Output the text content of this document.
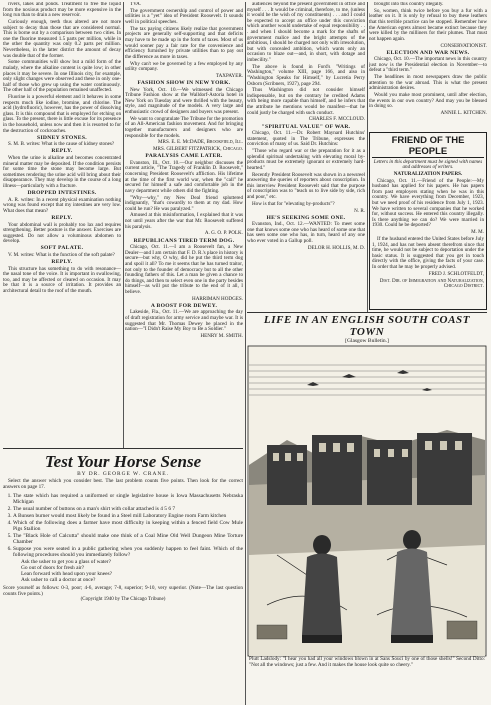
rivers, lakes and ponds. Treatment to free the liquid from the noxious product may be more expensive in the long run than to drain a new reservoir.

Curiously enough, teeth thus altered are not more subject to decay than those that are considered normal. This is borne out by a comparison between two cities. In one the fluorine measured 1.5 parts per million, while in the other the quantity was only 0.2 parts per million. Nevertheless, in the latter district the amount of decay was double that of the former.

Some communities will show but a mild form of the malady, where the alkaline content is quite low; in other places it may be severe. In one Illinois city, for example, only slight changes were observed and these in only one-half of those who grew up using the water continuously. The other half of the population remained unaffected.

Fluorine is a powerful element and it behaves in some respects much like iodine, bromine, and chlorine. The acid (hydrofluoric), however, has the power of dissolving glass. It is this compound that is employed for etching on glass. To the present, there is little excuse for its presence in the household, unless now and then it is resorted to for the destruction of cockroaches.

SIDNEY STONES.

S. M. B. writes: What is the cause of kidney stones?

REPLY.

When the urine is alkaline and becomes concentrated mineral matter may be deposited. If the condition persists for some time the stone may become large. But sometimes rendering the urine acid will bring about their disappearance. They may develop in the course of a long illness—particularly with a fracture.

DROPPED INTESTINES.

A. R. writes: In a recent physical examination nothing wrong was found except that my intestines are very low. What does that mean?

REPLY.

Your abdominal wall is probably too lax and requires strengthening. Better posture is the answer. Exercises are suggested. Do not allow a voluminous abdomen to develop.

SOFT PALATE.

V. M. writes: What is the function of the soft palate?

REPLY.

This structure has something to do with resonance—the nasal tone of the voice. It is important in swallowing, too, and may be affected or cleared on occasion. It may be that it is a source of irritation. It provides an architectural detail to the roof of the mouth.

TVA.

The government ownership and control of power and utilities is a "yet" idea of President Roosevelt. It sounds well in political speeches.

The tax paying citizens likely realize that government projects are generally self-supporting and that deficits may have to be made up in the form of taxes. Most of us would sooner pay a fair rate for the convenience and efficiency furnished by private utilities than to pay out the difference as more in taxes.

Why can't we be governed by a few employed by any utility company.

TAXPAYER.

FASHION SHOW IN NEW YORK.

New York, Oct. 10.—We witnessed the Chicago Tribune Fashion show at the Walldorf-Astoria hotel in New York on Tuesday and were thrilled with the beauty, style, and magnitude of the models. A very large and enthusiastic crowd of designers and buyers was present.

We want to congratulate The Tribune for the promotion of an All-American fashion movement. And for bringing together manufacturers and designers who are responsible for the models.

MRS. E. E. McDADE, Brookfield, Ill.

MRS. GILBERT FITZPATRICK, Chicago.

PARALYSIS CAME LATER.

Evanston, Ill., Oct. 10.—Our neighbor discusses the current article, "The Tragedy of Franklin D. Roosevelt," concerning President Roosevelt's affliction. His lifetime at the time of the first world war, when the "call" he secured for himself a safe and comfortable job in the navy department while others did the fighting.

"Why—why," my New Deal friend spluttered indignantly, "that's cowardly to them at my dad. How could he run? He was paralyzed."

Amused at this misinformation, I explained that it was not until years after the war that Mr. Roosevelt suffered his paralysis.

A. G. O. P. POLK.

REPUBLICANS TIRED TERM DOG.

Chicago, Oct. 11.—I am a Roosevelt fan, a New Dealer—and I am certain that F. D. R.'s place in history is secure—but why, O why, did he put the third term dog and spoil it all? To me it seems that he has turned traitor, not only to the founder of democracy but to all the other founding fathers of this. Let a man be given a chance to do things, and then to select even one in the party besides himself—as will put the tribute to the end of it all, I believe.

HARRIMAN HODGES.

A BOOST FOR DEWEY.

Lakeside, Fla., Oct. 11.—We are approaching the day of draft registration for army service and maybe war. It is suggested that Mr. Thomas Dewey be placed in the nation—"I Didn't Raise My Boy to Be a Soldier."

HENRY M. SMITH.

audiences beyond the present government in office and myself . . . It would be criminal, therefore, to me, (unless it would be the wish of my constituents) . . . and I could be expected to accept an office under this conviction which another would undertake of equal responsibility . . . and when I should become a mark for the shafts of government malice and the bright attempts of the ambitious, I should be charged not only with irresolution, but with concealed ambition, which wants only an occasion to blaze out—and, in short, with dotage and imbecility."

The above is found in Ford's "Writings of Washington," volume XIII, page 166, and also in "Washington Speaks for Himself," by Lucretia Perry Osborn (Scribners, 1927), page 294.

Thus Washington did not consider himself indispensable, but on the contrary he credited Adams with being more capable than himself, and he infers that the attribute he mentions would be manifest—that he could justly be charged with such conduct.

CHARLES F. MCCLOUD.

"SPIRITUAL VALUE" OF WAR.

Chicago, Oct. 11.—Dr. Robert Maynard Hutchins' statement, quoted in The Tribune, expresses the conviction of many of us. Said Dr. Hutchins:

"Those who regard war or the preparation for it as a splendid spiritual undertaking with elevating moral by-products must be extremely ignorant or extremely hard-hearted."

Recently President Roosevelt was shown in a newsreel answering the queries of reporters about conscription. In this interview President Roosevelt said that the purpose of conscription was to "teach us to live side by side, rich and poor," etc.

How is that for "elevating by-products"?

N. R.

HE'S SEEKING SOME ONE.

Evanston, Ind., Oct. 12.—WANTED: To meet some one that knows some one who has heard of some one that has seen some one who has, in turn, heard of any one who ever voted in a Gallup poll.

DELOR H. HOLLIS, M. D.

brought into this country illegally.

So, women, think twice before you buy a fur with a leather on it. It is only by refusal to buy these leathers that this terrible practice can be stopped. Remember how the American egrets almost became extinct because they were killed by the milliners for their plumes. That must not happen again.

CONSERVATIONIST.

ELECTION AND WAR NEWS.

Chicago, Oct. 10.—The important news in this country just now is the Presidential election in November—to defeat a "third term."

The headlines in most newspapers draw the public attention to the war abroad. This is what the present administration desires.

Would you make most prominent, until after election, the events in our own country? And may you be blessed in doing so.

ANNIE L. KITCHEN.

FRIEND OF THE PEOPLE

Letters in this department must be signed with names and addresses of writers.

NATURALIZATION PAPERS.

Chicago, Oct. 11.—Friend of the People:—My husband has applied for his papers. He has papers from past employers stating when he was in this country. We have everything from December, 1923, but we need proof of his residence from July 1, 1923. We have written to several companies that he worked for, without success. He entered this country illegally. Is there anything we can do? We were married in 1930. Could he be deported?

M. M.

If the husband entered the United States before July 1, 1924, and has not been absent therefrom since that time, he would not be subject to deportation under the basic status. It is suggested that you get in touch directly with the office, giving the facts of your case. In order that he may be properly advised.

FRED J. SCHLOTFELDT,

Dist. Dir. of Immigration and Naturalization, Chicago District.

LIFE IN AN ENGLISH SOUTH COAST TOWN
[Glasgow Bulletin.]
Plutt Ladslody: "I hear you had all your windows blown in at Sans Souci by one of those shells!" Second Ditto: "Not all the windows; just a few. And it makes the house look quite so cheery."
Test Your Horse Sense
BY DR. GEORGE W. CRANE.
Select the answer which you consider best. The last problem counts five points. Then look for the correct answers on page 17.
1. The state which has required a uniformed or single legislative house is Iowa Massachusetts Nebraska Michigan
2. The usual number of buttons on a man's shirt with collar attached is 4 5 6 7
3. A Bunsen burner would most likely be found in a Steel mill Laboratory Engine room Farm kitchen
4. Which of the following does a farmer have most difficulty in keeping within a fenced field Cow Mule Pigs Stallion
5. The "Black Hole of Calcutta" should make one think of a Coal Mine Old Well Dungeon Mine Torture Chamber
6. Suppose you were seated in a public gathering when you suddenly happen to feel faint. Which of the following procedures should you immediately follow?
Ask the usher to get you a glass of water?
Go out of doors for fresh air?
Lean forward with head upon your knees?
Ask usher to call a doctor at once?
Score yourself as follows: 0-3, poor; 4-6, average; 7-8, superior; 9-10, very superior. (Note—The last question counts five points.)
(Copyright 1940 by The Chicago Tribune)
